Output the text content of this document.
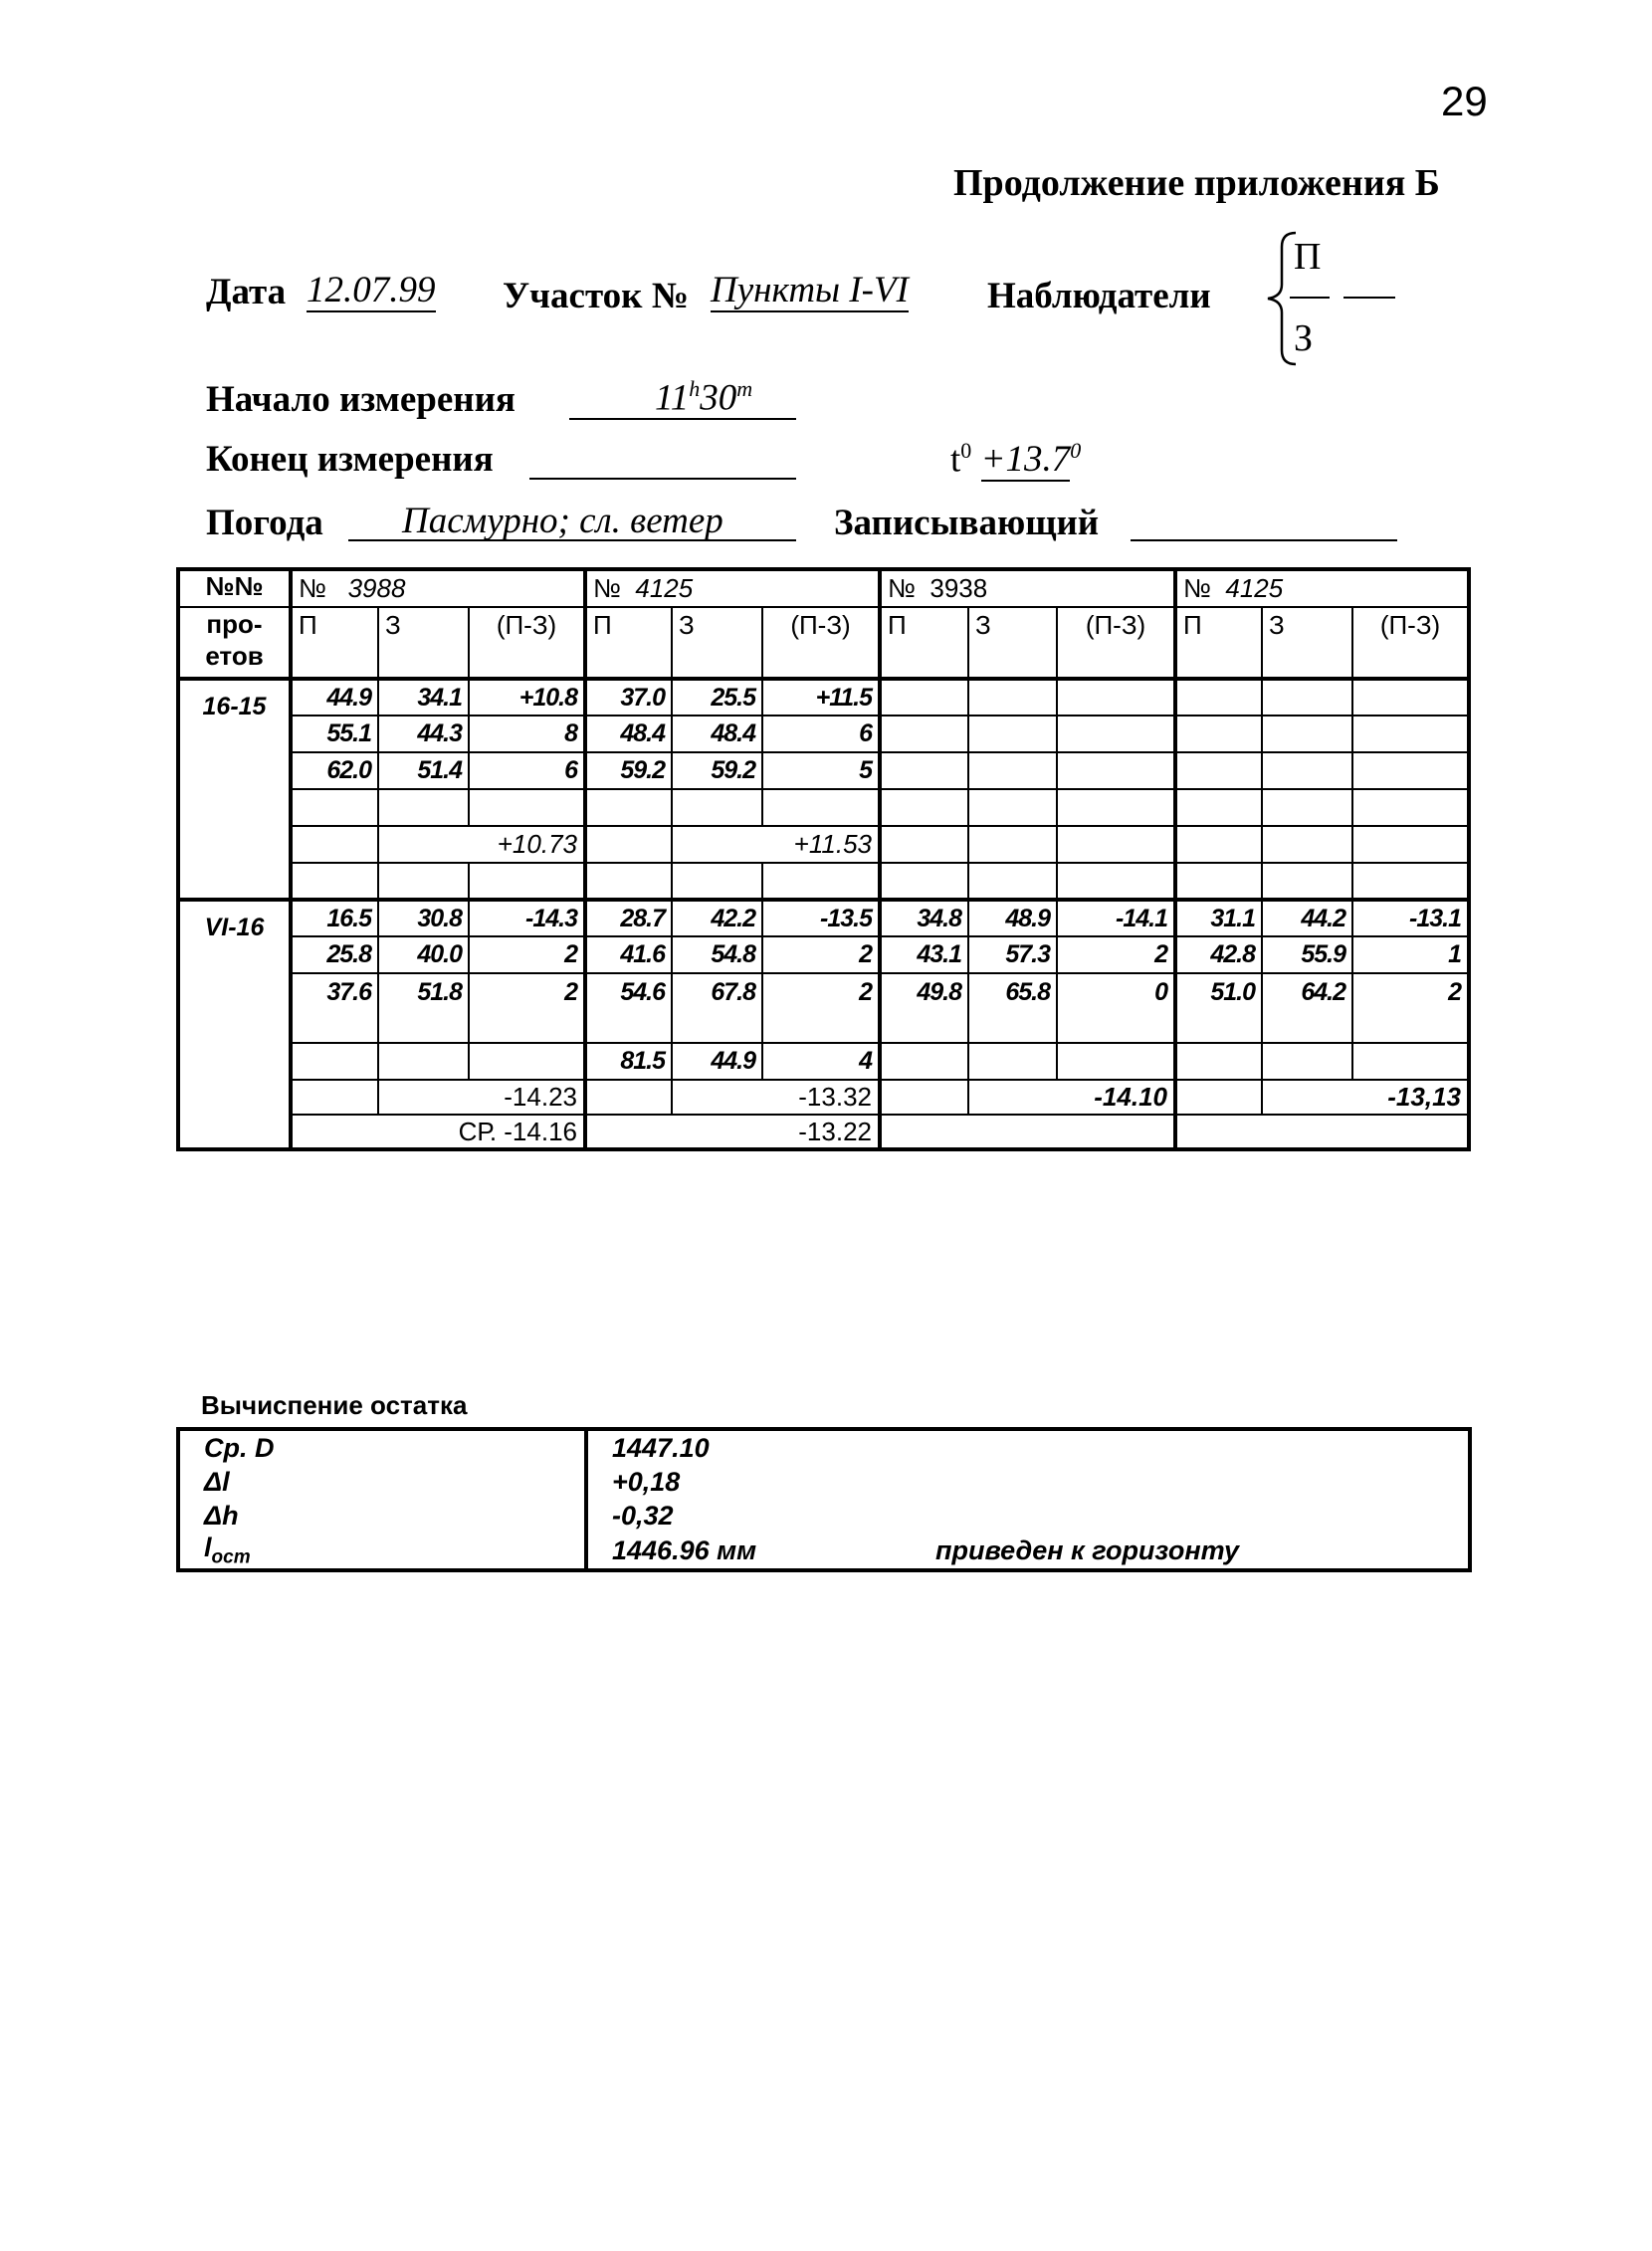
29
Продолжение приложения Б
Дата 12.07.99 Участок № Пункты I-VI Наблюдатели
П
З
Начало измерения	11$^h$30$^m$
Конец измерения	$t^0 +13.7^0$
Погода Пасмурно; сл. ветер	Записывающий
№№	№ 3988			№ 4125			№ 3938			№ 4125		
про-
етов	П	З	(П-З)	П	З	(П-З)	П	З	(П-З)	П	З	(П-З)
16-15	44.9	34.1	+10.8	37.0	25.5	+11.5						
	55.1	44.3	8	48.4	48.4	6						
	62.0	51.4	6	59.2	59.2	5						

		+10.73			+11.53							

VI-16	16.5	30.8	-14.3	28.7	42.2	-13.5	34.8	48.9	-14.1	31.1	44.2	-13.1
	25.8	40.0	2	41.6	54.8	2	43.1	57.3	2	42.8	55.9	1
	37.6	51.8	2	54.6	67.8	2	49.8	65.8	0	51.0	64.2	2
				81.5	44.9	4						
		-14.23			-13.32			-14.10			-13,13	
	СР. -14.16			-13.22								
Вычиспение остатка
Ср. D	1447.10
Δl	+0,18
Δh	-0,32
$l_{ocm}$	1446.96 мм приведен к горизонту
